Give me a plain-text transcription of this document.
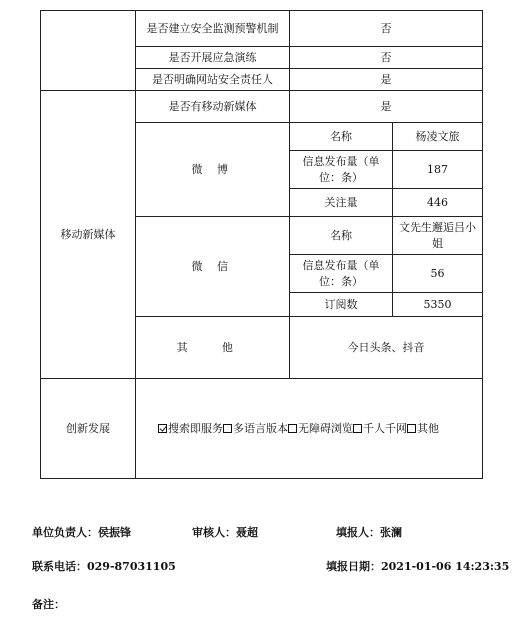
	是否建立安全监测预警机制	否	
	是否开展应急演练	否	
	是否明确网站安全责任人	是	
移动新媒体	是否有移动新媒体	是	
	微 博	名称	杨凌文旅
		信息发布量（单位：条）	187
		关注量	446
	微 信	名称	文先生邂逅吕小姐
		信息发布量（单位：条）	56
		订阅数	5350
	其 他	今日头条、抖音	

创新发展	搜索即服务 多语言版本 无障碍浏览 千人千网 其他		
单位负责人：侯振锋	审核人：聂超	填报人：张澜
联系电话：029-87031105	填报日期：2021-01-06 14:23:35
备注：
